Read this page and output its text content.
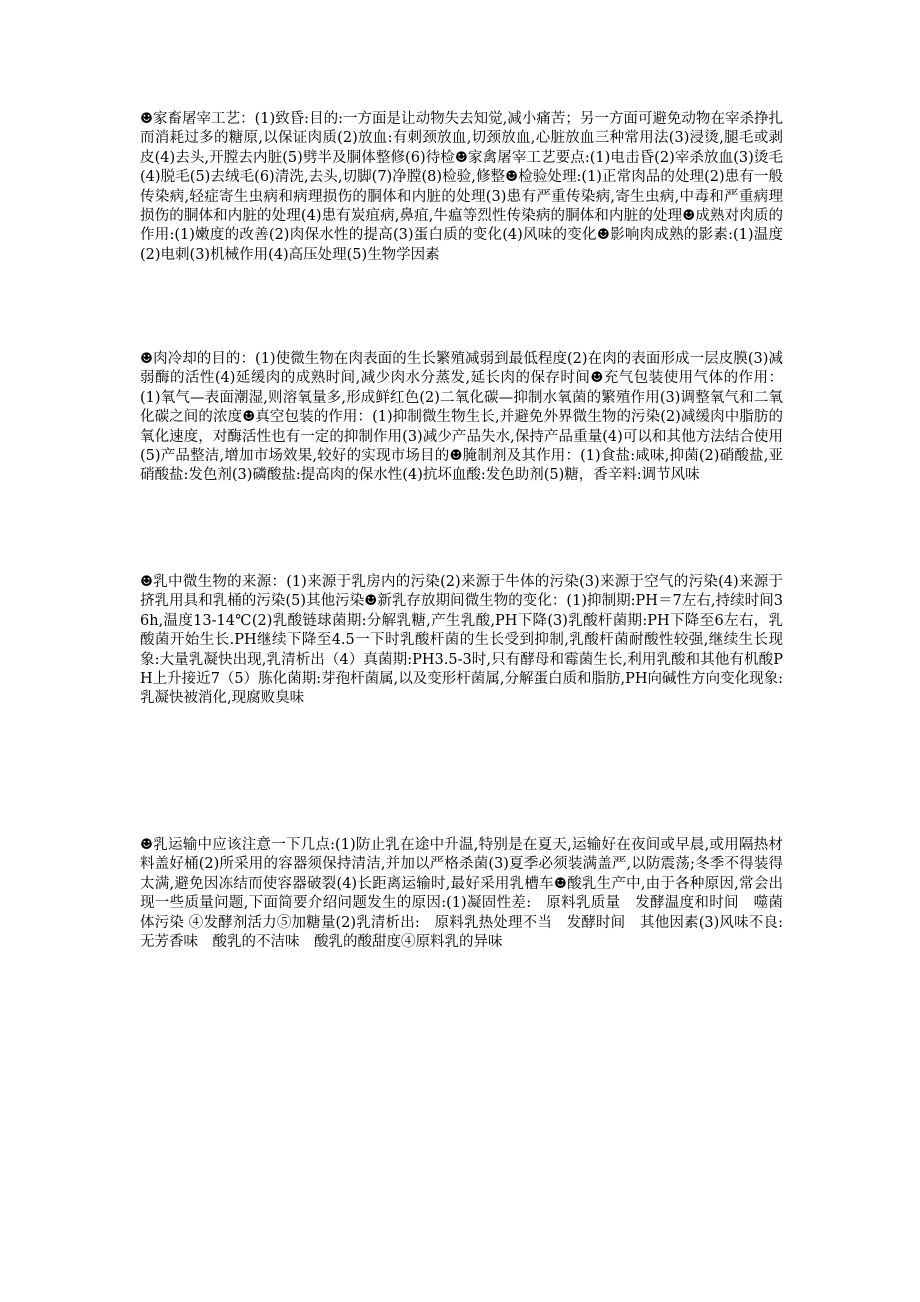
☻家畜屠宰工艺：(1)致昏:目的:一方面是让动物失去知觉,减小痛苦；另一方面可避免动物在宰杀挣扎而消耗过多的糖原,以保证肉质(2)放血:有刺颈放血,切颈放血,心脏放血三种常用法(3)浸烫,腿毛或剥皮(4)去头,开膛去内脏(5)劈半及胴体整修(6)待检☻家禽屠宰工艺要点:(1)电击昏(2)宰杀放血(3)烫毛(4)脱毛(5)去绒毛(6)清洗,去头,切脚(7)净膛(8)检验,修整☻检验处理:(1)正常肉品的处理(2)患有一般传染病,轻症寄生虫病和病理损伤的胴体和内脏的处理(3)患有严重传染病,寄生虫病,中毒和严重病理损伤的胴体和内脏的处理(4)患有炭疽病,鼻疽,牛瘟等烈性传染病的胴体和内脏的处理☻成熟对肉质的作用:(1)嫩度的改善(2)肉保水性的提高(3)蛋白质的变化(4)风味的变化☻影响肉成熟的影素:(1)温度(2)电刺(3)机械作用(4)高压处理(5)生物学因素

☻肉冷却的目的：(1)使微生物在肉表面的生长繁殖减弱到最低程度(2)在肉的表面形成一层皮膜(3)减弱酶的活性(4)延缓肉的成熟时间,减少肉水分蒸发,延长肉的保存时间☻充气包装使用气体的作用：(1)氧气—表面潮湿,则溶氧量多,形成鲜红色(2)二氧化碳—抑制水氧菌的繁殖作用(3)调整氧气和二氧化碳之间的浓度☻真空包装的作用：(1)抑制微生物生长,并避免外界微生物的污染(2)减缓肉中脂肪的氧化速度，对酶活性也有一定的抑制作用(3)减少产品失水,保持产品重量(4)可以和其他方法结合使用(5)产品整洁,增加市场效果,较好的实现市场目的☻腌制剂及其作用：(1)食盐:咸味,抑菌(2)硝酸盐,亚硝酸盐:发色剂(3)磷酸盐:提高肉的保水性(4)抗坏血酸:发色助剂(5)糖，香辛料:调节风味

☻乳中微生物的来源：(1)来源于乳房内的污染(2)来源于牛体的污染(3)来源于空气的污染(4)来源于挤乳用具和乳桶的污染(5)其他污染☻新乳存放期间微生物的变化：(1)抑制期:PH＝7左右,持续时间36h,温度13-14℃(2)乳酸链球菌期:分解乳糖,产生乳酸,PH下降(3)乳酸杆菌期:PH下降至6左右，乳酸菌开始生长.PH继续下降至4.5一下时乳酸杆菌的生长受到抑制,乳酸杆菌耐酸性较强,继续生长现象:大量乳凝快出现,乳清析出（4）真菌期:PH3.5-3时,只有酵母和霉菌生长,利用乳酸和其他有机酸PH上升接近7（5）胨化菌期:芽孢杆菌属,以及变形杆菌属,分解蛋白质和脂肪,PH向碱性方向变化现象:乳凝快被消化,现腐败臭味

☻乳运输中应该注意一下几点:(1)防止乳在途中升温,特别是在夏天,运输好在夜间或早晨,或用隔热材料盖好桶(2)所采用的容器须保持清洁,并加以严格杀菌(3)夏季必须装满盖严,以防震荡;冬季不得装得太满,避免因冻结而使容器破裂(4)长距离运输时,最好采用乳槽车☻酸乳生产中,由于各种原因,常会出现一些质量问题,下面简要介绍问题发生的原因:(1)凝固性差:　原料乳质量　发酵温度和时间　噬菌体污染 ④发酵剂活力⑤加糖量(2)乳清析出:　原料乳热处理不当　发酵时间　其他因素(3)风味不良:　无芳香味　酸乳的不洁味　酸乳的酸甜度④原料乳的异味
